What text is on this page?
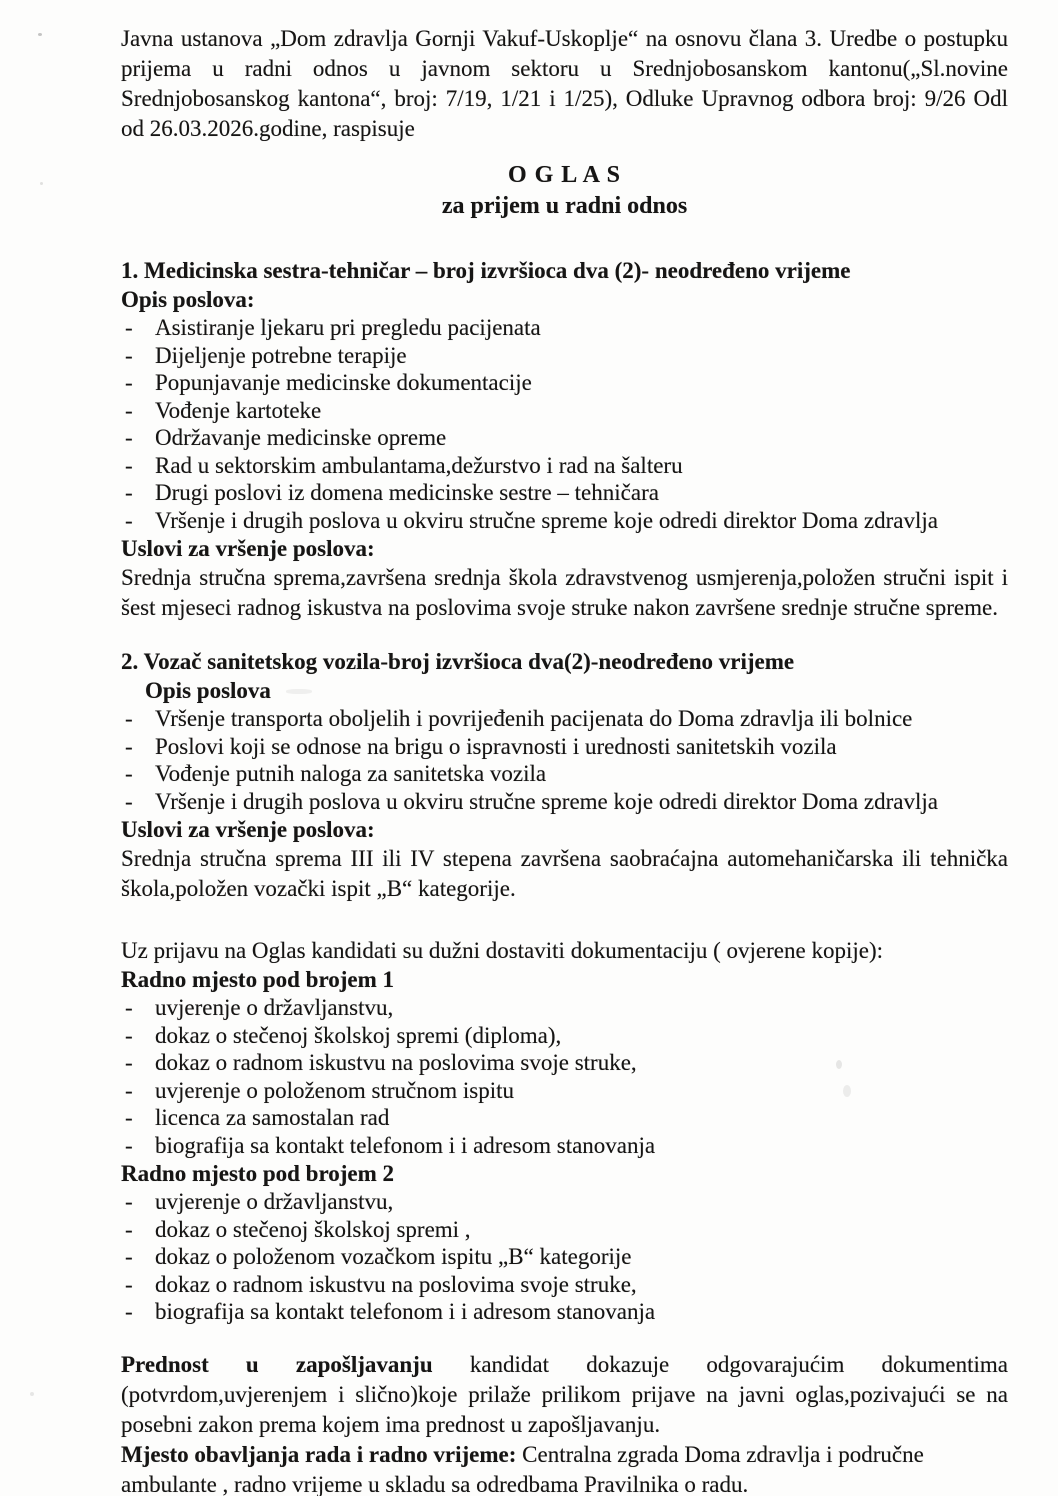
Javna ustanova „Dom zdravlja Gornji Vakuf-Uskoplje“ na osnovu člana 3. Uredbe o postupku prijema u radni odnos u javnom sektoru u Srednjobosanskom kantonu(„Sl.novine Srednjobosanskog kantona“, broj: 7/19, 1/21 i 1/25), Odluke Upravnog odbora broj: 9/26 Odl od 26.03.2026.godine, raspisuje

O G L A S

za prijem u radni odnos

1. Medicinska sestra-tehničar – broj izvršioca dva (2)- neodređeno vrijeme

Opis poslova:

- Asistiranje ljekaru pri pregledu pacijenata
- Dijeljenje potrebne terapije
- Popunjavanje medicinske dokumentacije
- Vođenje kartoteke
- Održavanje medicinske opreme
- Rad u sektorskim ambulantama,dežurstvo i rad na šalteru
- Drugi poslovi iz domena medicinske sestre – tehničara
- Vršenje i drugih poslova u okviru stručne spreme koje odredi direktor Doma zdravlja

Uslovi za vršenje poslova:

Srednja stručna sprema,završena srednja škola zdravstvenog usmjerenja,položen stručni ispit i šest mjeseci radnog iskustva na poslovima svoje struke nakon završene srednje stručne spreme.

2. Vozač sanitetskog vozila-broj izvršioca dva(2)-neodređeno vrijeme

Opis poslova

- Vršenje transporta oboljelih i povrijeđenih pacijenata do Doma zdravlja ili bolnice
- Poslovi koji se odnose na brigu o ispravnosti i urednosti sanitetskih vozila
- Vođenje putnih naloga za sanitetska vozila
- Vršenje i drugih poslova u okviru stručne spreme koje odredi direktor Doma zdravlja

Uslovi za vršenje poslova:

Srednja stručna sprema III ili IV stepena završena saobraćajna automehaničarska ili tehnička škola,položen vozački ispit „B“ kategorije.

Uz prijavu na Oglas kandidati su dužni dostaviti dokumentaciju ( ovjerene kopije):

Radno mjesto pod brojem 1

- uvjerenje o državljanstvu,
- dokaz o stečenoj školskoj spremi (diploma),
- dokaz o radnom iskustvu na poslovima svoje struke,
- uvjerenje o položenom stručnom ispitu
- licenca za samostalan rad
- biografija sa kontakt telefonom i i adresom stanovanja

Radno mjesto pod brojem 2

- uvjerenje o državljanstvu,
- dokaz o stečenoj školskoj spremi ,
- dokaz o položenom vozačkom ispitu „B“ kategorije
- dokaz o radnom iskustvu na poslovima svoje struke,
- biografija sa kontakt telefonom i i adresom stanovanja

Prednost u zapošljavanju kandidat dokazuje odgovarajućim dokumentima (potvrdom,uvjerenjem i slično)koje prilaže prilikom prijave na javni oglas,pozivajući se na posebni zakon prema kojem ima prednost u zapošljavanju.

Mjesto obavljanja rada i radno vrijeme: Centralna zgrada Doma zdravlja i područne ambulante , radno vrijeme u skladu sa odredbama Pravilnika o radu.
